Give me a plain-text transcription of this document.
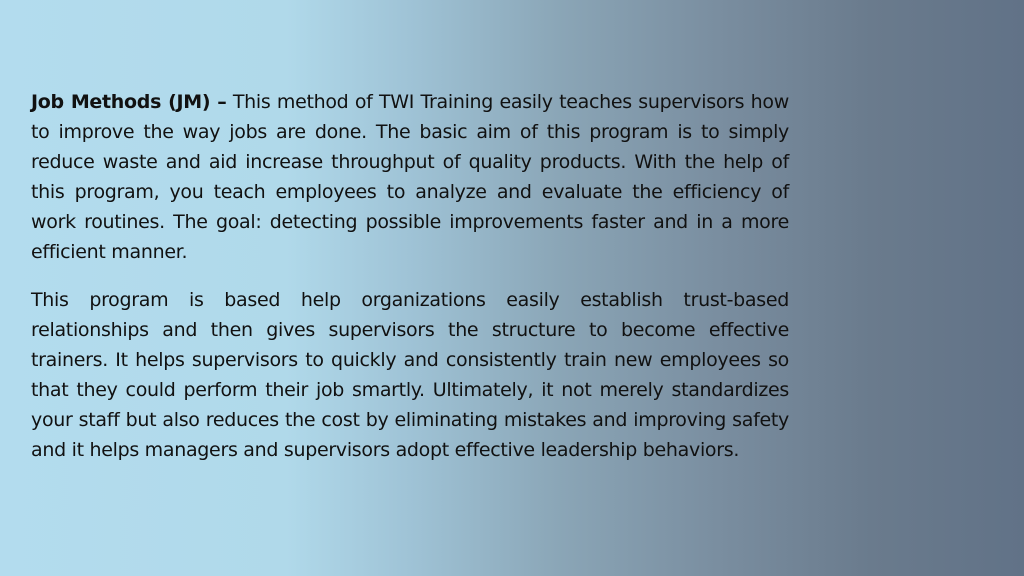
Job Methods (JM) – This method of TWI Training easily teaches supervisors how to improve the way jobs are done. The basic aim of this program is to simply reduce waste and aid increase throughput of quality products. With the help of this program, you teach employees to analyze and evaluate the efficiency of work routines. The goal: detecting possible improvements faster and in a more efficient manner.

This program is based help organizations easily establish trust-based relationships and then gives supervisors the structure to become effective trainers. It helps supervisors to quickly and consistently train new employees so that they could perform their job smartly. Ultimately, it not merely standardizes your staff but also reduces the cost by eliminating mistakes and improving safety and it helps managers and supervisors adopt effective leadership behaviors.
